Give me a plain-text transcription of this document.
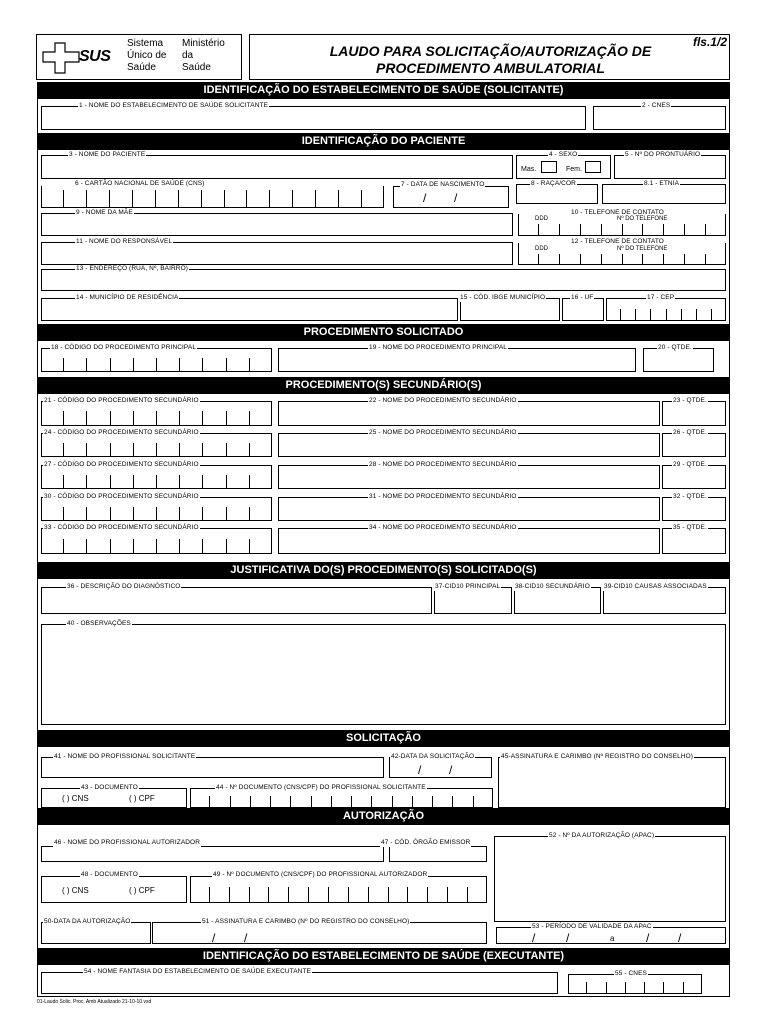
SUS
Sistema
Único de
Saúde
Ministério
da
Saúde
LAUDO PARA SOLICITAÇÃO/AUTORIZAÇÃO DE
PROCEDIMENTO AMBULATORIAL
fls.1/2
IDENTIFICAÇÃO DO ESTABELECIMENTO DE SAÚDE (SOLICITANTE)
1 - NOME DO ESTABELECIMENTO DE SAÚDE SOLICITANTE	2 - CNES
IDENTIFICAÇÃO DO PACIENTE
3 - NOME DO PACIENTE	4 - SEXO
Mas.	Fem.
5 - Nº DO PRONTUÁRIO
6 - CARTÃO NACIONAL DE SAÚDE (CNS)	7 - DATA DE NASCIMENTO
/ /
8 - RAÇA/COR	8.1 - ETNIA
9 - NOME DA MÃE	10 - TELEFONE DE CONTATO
DDD	Nº DO TELEFONE
11 - NOME DO RESPONSÁVEL	12 - TELEFONE DE CONTATO
DDD	Nº DO TELEFONE
13 - ENDEREÇO (RUA, Nº, BAIRRO)
14 - MUNICÍPIO DE RESIDÊNCIA	15 - CÓD. IBGE MUNICÍPIO	16 - UF	17 - CEP
PROCEDIMENTO SOLICITADO
18 - CÓDIGO DO PROCEDIMENTO PRINCIPAL	19 - NOME DO PROCEDIMENTO PRINCIPAL	20 - QTDE.
PROCEDIMENTO(S) SECUNDÁRIO(S)
21 - CÓDIGO DO PROCEDIMENTO SECUNDÁRIO	22 - NOME DO PROCEDIMENTO SECUNDÁRIO	23 - QTDE.
24 - CÓDIGO DO PROCEDIMENTO SECUNDÁRIO	25 - NOME DO PROCEDIMENTO SECUNDÁRIO	26 - QTDE.
27 - CÓDIGO DO PROCEDIMENTO SECUNDÁRIO	28 - NOME DO PROCEDIMENTO SECUNDÁRIO	29 - QTDE.
30 - CÓDIGO DO PROCEDIMENTO SECUNDÁRIO	31 - NOME DO PROCEDIMENTO SECUNDÁRIO	32 - QTDE.
33 - CÓDIGO DO PROCEDIMENTO SECUNDÁRIO	34 - NOME DO PROCEDIMENTO SECUNDÁRIO	35 - QTDE.
JUSTIFICATIVA DO(S) PROCEDIMENTO(S) SOLICITADO(S)
36 - DESCRIÇÃO DO DIAGNÓSTICO	37-CID10 PRINCIPAL 38-CID10 SECUNDÁRIO 39-CID10 CAUSAS ASSOCIADAS
40 - OBSERVAÇÕES
SOLICITAÇÃO
41 - NOME DO PROFISSIONAL SOLICITANTE	42-DATA DA SOLICITAÇÃO
/ /
45-ASSINATURA E CARIMBO (Nº REGISTRO DO CONSELHO)
43 - DOCUMENTO
( ) CNS	( ) CPF
44 - Nº DOCUMENTO (CNS/CPF) DO PROFISSIONAL SOLICITANTE
AUTORIZAÇÃO
46 - NOME DO PROFISSIONAL AUTORIZADOR	47 - CÓD. ÓRGÃO EMISSOR
52 - Nº DA AUTORIZAÇÃO (APAC)
48 - DOCUMENTO
( ) CNS	( ) CPF
49 - Nº DOCUMENTO (CNS/CPF) DO PROFISSIONAL AUTORIZADOR
50-DATA DA AUTORIZAÇÃO	51 - ASSINATURA E CARIMBO (Nº DO REGISTRO DO CONSELHO)
/ /
53 - PERÍODO DE VALIDADE DA APAC
/	/	a	/ /
IDENTIFICAÇÃO DO ESTABELECIMENTO DE SAÚDE (EXECUTANTE)
54 - NOME FANTASIA DO ESTABELECIMENTO DE SAÚDE EXECUTANTE	55 - CNES
01-Laudo Solic. Proc. Amb Atualizado 21-10-10.vsd
